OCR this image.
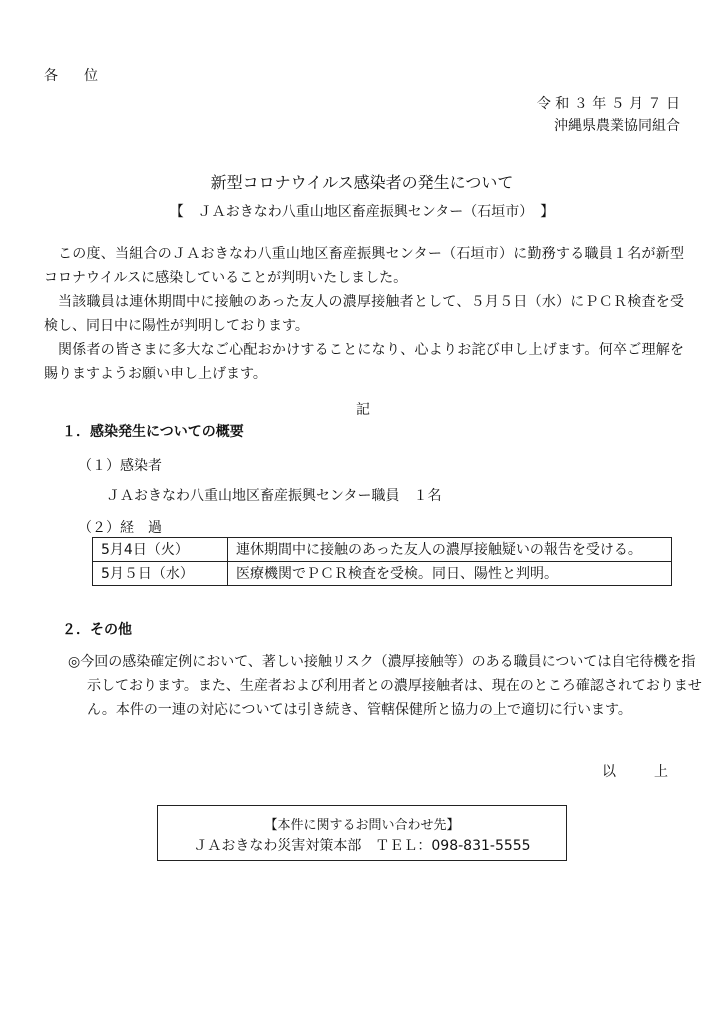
各　位
令 和 ３ 年 ５ 月 ７ 日
沖縄県農業協同組合
新型コロナウイルス感染者の発生について
【　ＪＡおきなわ八重山地区畜産振興センター（石垣市）　】
この度、当組合のＪＡおきなわ八重山地区畜産振興センター（石垣市）に勤務する職員１名が新型コロナウイルスに感染していることが判明いたしました。
当該職員は連休期間中に接触のあった友人の濃厚接触者として、５月５日（水）にＰＣＲ検査を受検し、同日中に陽性が判明しております。
関係者の皆さまに多大なご心配おかけすることになり、心よりお詫び申し上げます。何卒ご理解を賜りますようお願い申し上げます。
記
１．感染発生についての概要
（１）感染者
ＪＡおきなわ八重山地区畜産振興センター職員　１名
（２）経　過
5月4日（火）	連休期間中に接触のあった友人の濃厚接触疑いの報告を受ける。
5月５日（水）	医療機関でＰＣＲ検査を受検。同日、陽性と判明。
２．その他
◎今回の感染確定例において、著しい接触リスク（濃厚接触等）のある職員については自宅待機を指示しております。また、生産者および利用者との濃厚接触者は、現在のところ確認されておりません。本件の一連の対応については引き続き、管轄保健所と協力の上で適切に行います。
以　上
【本件に関するお問い合わせ先】
ＪＡおきなわ災害対策本部　ＴＥＬ：098-831-5555
